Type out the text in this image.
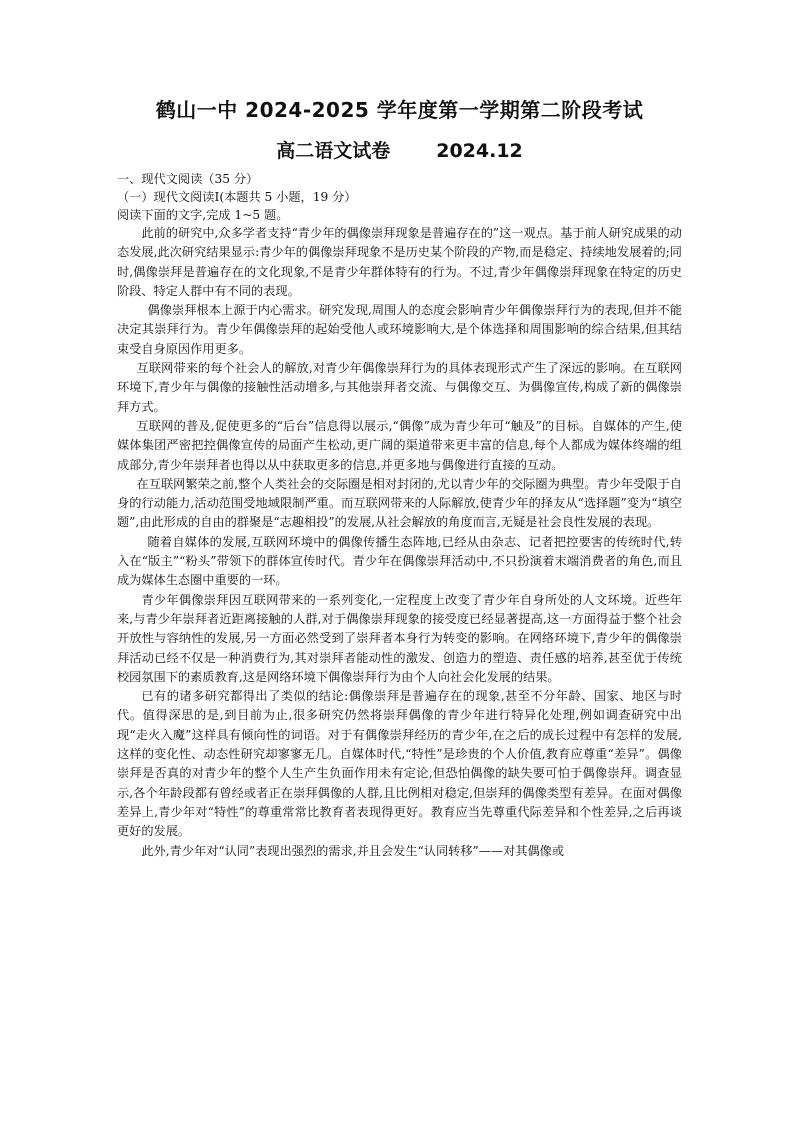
鹤山一中 2024-2025 学年度第一学期第二阶段考试
高二语文试卷 2024.12

一、现代文阅读（35 分）

（一）现代文阅读Ⅰ(本题共 5 小题，19 分）

阅读下面的文字,完成 1~5 题。

此前的研究中,众多学者支持“青少年的偶像崇拜现象是普遍存在的”这一观点。基于前人研究成果的动态发展,此次研究结果显示:青少年的偶像崇拜现象不是历史某个阶段的产物,而是稳定、持续地发展着的;同时,偶像崇拜是普遍存在的文化现象,不是青少年群体特有的行为。不过,青少年偶像崇拜现象在特定的历史阶段、特定人群中有不同的表现。

偶像崇拜根本上源于内心需求。研究发现,周围人的态度会影响青少年偶像崇拜行为的表现,但并不能决定其崇拜行为。青少年偶像崇拜的起始受他人或环境影响大,是个体选择和周围影响的综合结果,但其结束受自身原因作用更多。

互联网带来的每个社会人的解放,对青少年偶像崇拜行为的具体表现形式产生了深远的影响。在互联网环境下,青少年与偶像的接触性活动增多,与其他崇拜者交流、与偶像交互、为偶像宣传,构成了新的偶像崇拜方式。

互联网的普及,促使更多的“后台”信息得以展示,“偶像”成为青少年可“触及”的目标。自媒体的产生,使媒体集团严密把控偶像宣传的局面产生松动,更广阔的渠道带来更丰富的信息,每个人都成为媒体终端的组成部分,青少年崇拜者也得以从中获取更多的信息,并更多地与偶像进行直接的互动。

在互联网繁荣之前,整个人类社会的交际圈是相对封闭的,尤以青少年的交际圈为典型。青少年受限于自身的行动能力,活动范围受地域限制严重。而互联网带来的人际解放,使青少年的择友从“选择题”变为“填空题”,由此形成的自由的群聚是“志趣相投”的发展,从社会解放的角度而言,无疑是社会良性发展的表现。

随着自媒体的发展,互联网环境中的偶像传播生态阵地,已经从由杂志、记者把控要害的传统时代,转入在“版主”“粉头”带领下的群体宣传时代。青少年在偶像崇拜活动中,不只扮演着末端消费者的角色,而且成为媒体生态圈中重要的一环。

青少年偶像崇拜因互联网带来的一系列变化,一定程度上改变了青少年自身所处的人文环境。近些年来,与青少年崇拜者近距离接触的人群,对于偶像崇拜现象的接受度已经显著提高,这一方面得益于整个社会开放性与容纳性的发展,另一方面必然受到了崇拜者本身行为转变的影响。在网络环境下,青少年的偶像崇拜活动已经不仅是一种消费行为,其对崇拜者能动性的激发、创造力的塑造、责任感的培养,甚至优于传统校园氛围下的素质教育,这是网络环境下偶像崇拜行为由个人向社会化发展的结果。

已有的诸多研究都得出了类似的结论:偶像崇拜是普遍存在的现象,甚至不分年龄、国家、地区与时代。值得深思的是,到目前为止,很多研究仍然将崇拜偶像的青少年进行特异化处理,例如调查研究中出现“走火入魔”这样具有倾向性的词语。对于有偶像崇拜经历的青少年,在之后的成长过程中有怎样的发展,这样的变化性、动态性研究却寥寥无几。自媒体时代,“特性”是珍贵的个人价值,教育应尊重“差异”。偶像崇拜是否真的对青少年的整个人生产生负面作用未有定论,但恐怕偶像的缺失要可怕于偶像崇拜。调查显示,各个年龄段都有曾经或者正在崇拜偶像的人群,且比例相对稳定,但崇拜的偶像类型有差异。在面对偶像差异上,青少年对“特性”的尊重常常比教育者表现得更好。教育应当先尊重代际差异和个性差异,之后再谈更好的发展。

此外,青少年对“认同”表现出强烈的需求,并且会发生“认同转移”——对其偶像或
